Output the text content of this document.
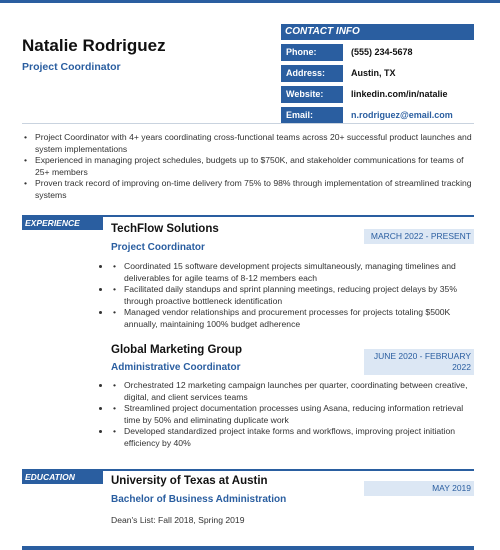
Natalie Rodriguez
Project Coordinator
CONTACT INFO
Phone:	(555) 234-5678
Address:	Austin, TX
Website:	linkedin.com/in/natalie
Email:	n.rodriguez@email.com
• Project Coordinator with 4+ years coordinating cross-functional teams across 20+ successful product launches and system implementations
• Experienced in managing project schedules, budgets up to $750K, and stakeholder communications for teams of 25+ members
• Proven track record of improving on-time delivery from 75% to 98% through implementation of streamlined tracking systems
EXPERIENCE	TechFlow Solutions
MARCH 2022 - PRESENT
Project Coordinator
• • Coordinated 15 software development projects simultaneously, managing timelines and deliverables for agile teams of 8-12 members each
• • Facilitated daily standups and sprint planning meetings, reducing project delays by 35% through proactive bottleneck identification
• • Managed vendor relationships and procurement processes for projects totaling $500K annually, maintaining 100% budget adherence
Global Marketing Group	JUNE 2020 - FEBRUARY 2022
Administrative Coordinator
• • Orchestrated 12 marketing campaign launches per quarter, coordinating between creative, digital, and client services teams
• • Streamlined project documentation processes using Asana, reducing information retrieval time by 50% and eliminating duplicate work
• • Developed standardized project intake forms and workflows, improving project initiation efficiency by 40%
EDUCATION	University of Texas at Austin
MAY 2019
Bachelor of Business Administration
Dean's List: Fall 2018, Spring 2019
